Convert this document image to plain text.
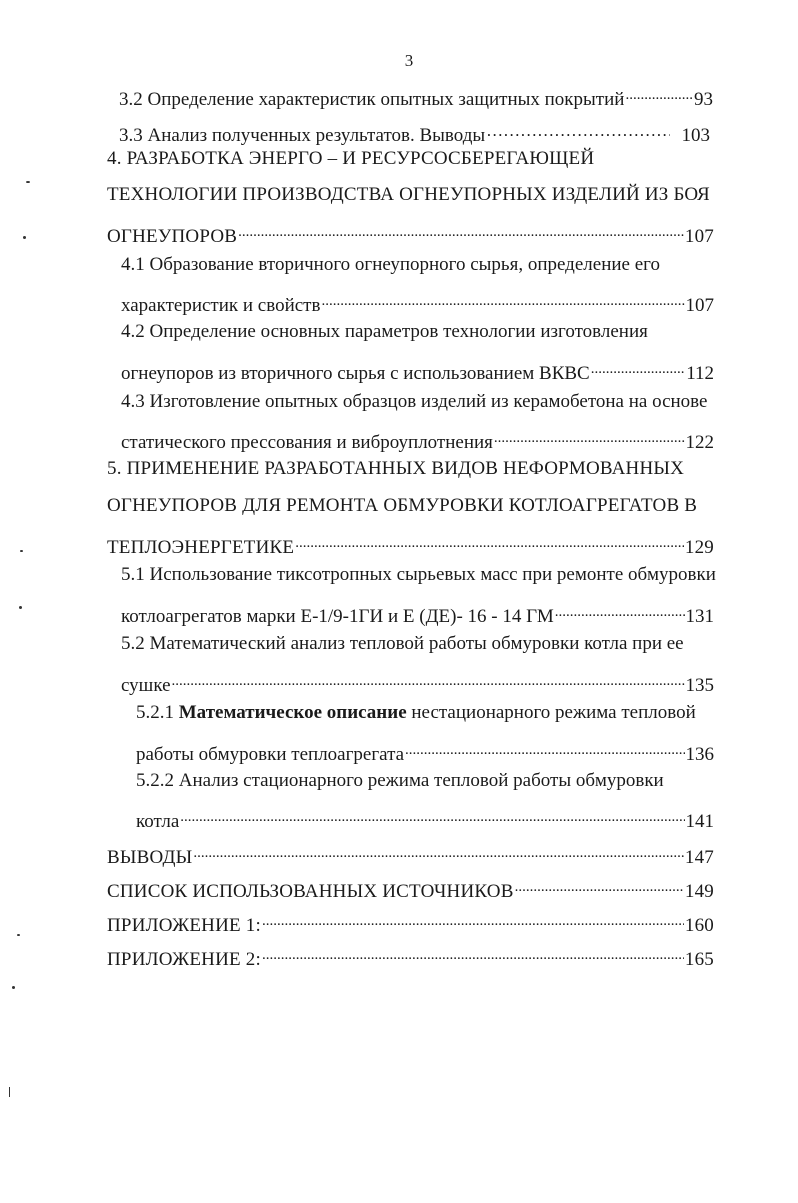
3
3.2 Определение характеристик опытных защитных покрытий .....	93
3.3 Анализ полученных результатов. Выводы ……………………………………………………………………………………	103
4. РАЗРАБОТКА ЭНЕРГО – И РЕСУРСОСБЕРЕГАЮЩЕЙ
ТЕХНОЛОГИИ ПРОИЗВОДСТВА ОГНЕУПОРНЫХ ИЗДЕЛИЙ ИЗ БОЯ
ОГНЕУПОРОВ .....	107
4.1 Образование вторичного огнеупорного сырья, определение его
характеристик и свойств .....	107
4.2 Определение основных параметров технологии изготовления
огнеупоров из вторичного сырья с использованием ВКВС .....	112
4.3 Изготовление опытных образцов изделий из керамобетона на основе
статического прессования и виброуплотнения .....	122
5. ПРИМЕНЕНИЕ РАЗРАБОТАННЫХ ВИДОВ НЕФОРМОВАННЫХ
ОГНЕУПОРОВ ДЛЯ РЕМОНТА ОБМУРОВКИ КОТЛОАГРЕГАТОВ В
ТЕПЛОЭНЕРГЕТИКЕ .....	129
5.1 Использование тиксотропных сырьевых масс при ремонте обмуровки
котлоагрегатов марки Е-1/9-1ГИ и Е (ДЕ)- 16 - 14 ГМ .....	131
5.2 Математический анализ тепловой работы обмуровки котла при ее
сушке .....	135
5.2.1 Математическое описание нестационарного режима тепловой
работы обмуровки теплоагрегата .....	136
5.2.2 Анализ стационарного режима тепловой работы обмуровки
котла .....	141
ВЫВОДЫ .....	147
СПИСОК ИСПОЛЬЗОВАННЫХ ИСТОЧНИКОВ .....	149
ПРИЛОЖЕНИЕ 1: .....	160
ПРИЛОЖЕНИЕ 2: .....	165
